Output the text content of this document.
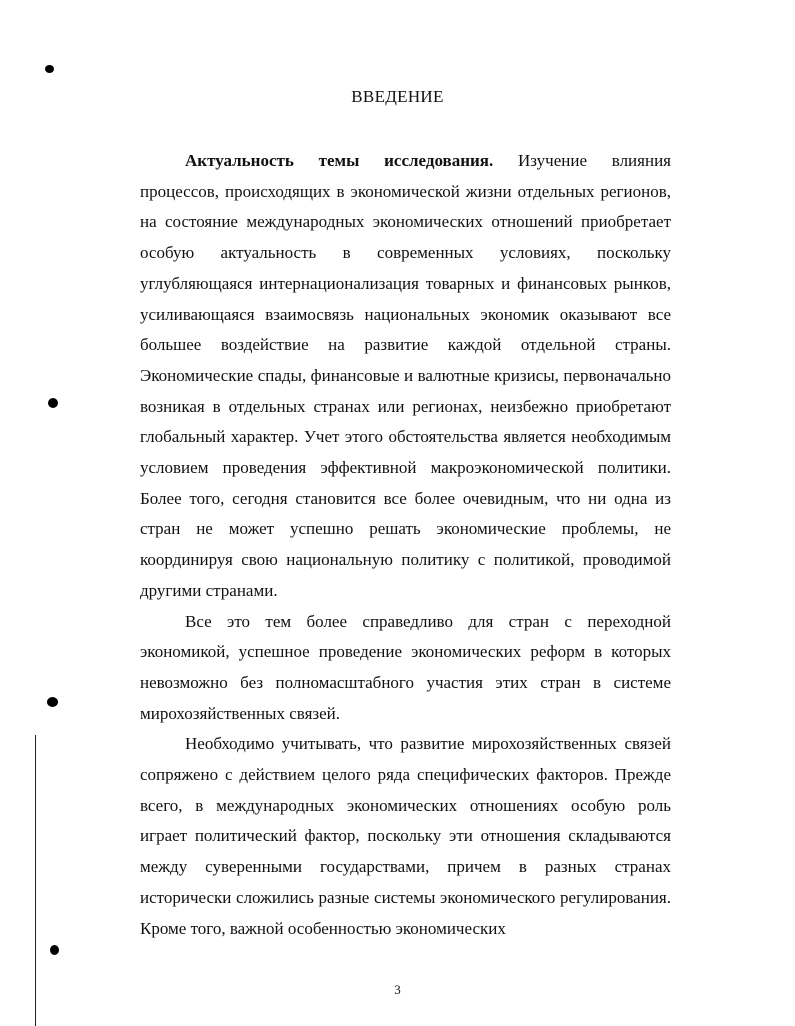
ВВЕДЕНИЕ

Актуальность темы исследования. Изучение влияния процессов, происходящих в экономической жизни отдельных регионов, на состояние международных экономических отношений приобретает особую актуальность в современных условиях, поскольку углубляющаяся интернационализация товарных и финансовых рынков, усиливающаяся взаимосвязь национальных экономик оказывают все большее воздействие на развитие каждой отдельной страны. Экономические спады, финансовые и валютные кризисы, первоначально возникая в отдельных странах или регионах, неизбежно приобретают глобальный характер. Учет этого обстоятельства является необходимым условием проведения эффективной макроэкономической политики. Более того, сегодня становится все более очевидным, что ни одна из стран не может успешно решать экономические проблемы, не координируя свою национальную политику с политикой, проводимой другими странами.

Все это тем более справедливо для стран с переходной экономикой, успешное проведение экономических реформ в которых невозможно без полномасштабного участия этих стран в системе мирохозяйственных связей.

Необходимо учитывать, что развитие мирохозяйственных связей сопряжено с действием целого ряда специфических факторов. Прежде всего, в международных экономических отношениях особую роль играет политический фактор, поскольку эти отношения складываются между суверенными государствами, причем в разных странах исторически сложились разные системы экономического регулирования. Кроме того, важной особенностью экономических

3
